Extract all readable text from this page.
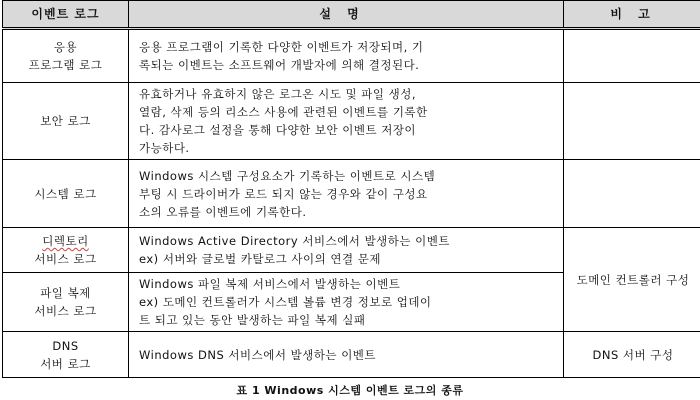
이벤트 로그	설 명	비 고

응용
프로그램 로그	응용 프로그램이 기록한 다양한 이벤트가 저장되며, 기
록되는 이벤트는 소프트웨어 개발자에 의해 결정된다.	

보안 로그	유효하거나 유효하지 않은 로그온 시도 및 파일 생성,
열람, 삭제 등의 리소스 사용에 관련된 이벤트를 기록한
다. 감사로그 설정을 통해 다양한 보안 이벤트 저장이
가능하다.	

시스템 로그	Windows 시스템 구성요소가 기록하는 이벤트로 시스템
부팅 시 드라이버가 로드 되지 않는 경우와 같이 구성요
소의 오류를 이벤트에 기록한다.	

디렉토리
서비스 로그	Windows Active Directory 서비스에서 발생하는 이벤트
ex) 서버와 글로벌 카탈로그 사이의 연결 문제	도메인 컨트롤러 구성

파일 복제
서비스 로그	Windows 파일 복제 서비스에서 발생하는 이벤트
ex) 도메인 컨트롤러가 시스템 볼륨 변경 정보로 업데이
트 되고 있는 동안 발생하는 파일 복제 실패	

DNS
서버 로그	Windows DNS 서비스에서 발생하는 이벤트	DNS 서버 구성
표 1 Windows 시스템 이벤트 로그의 종류
